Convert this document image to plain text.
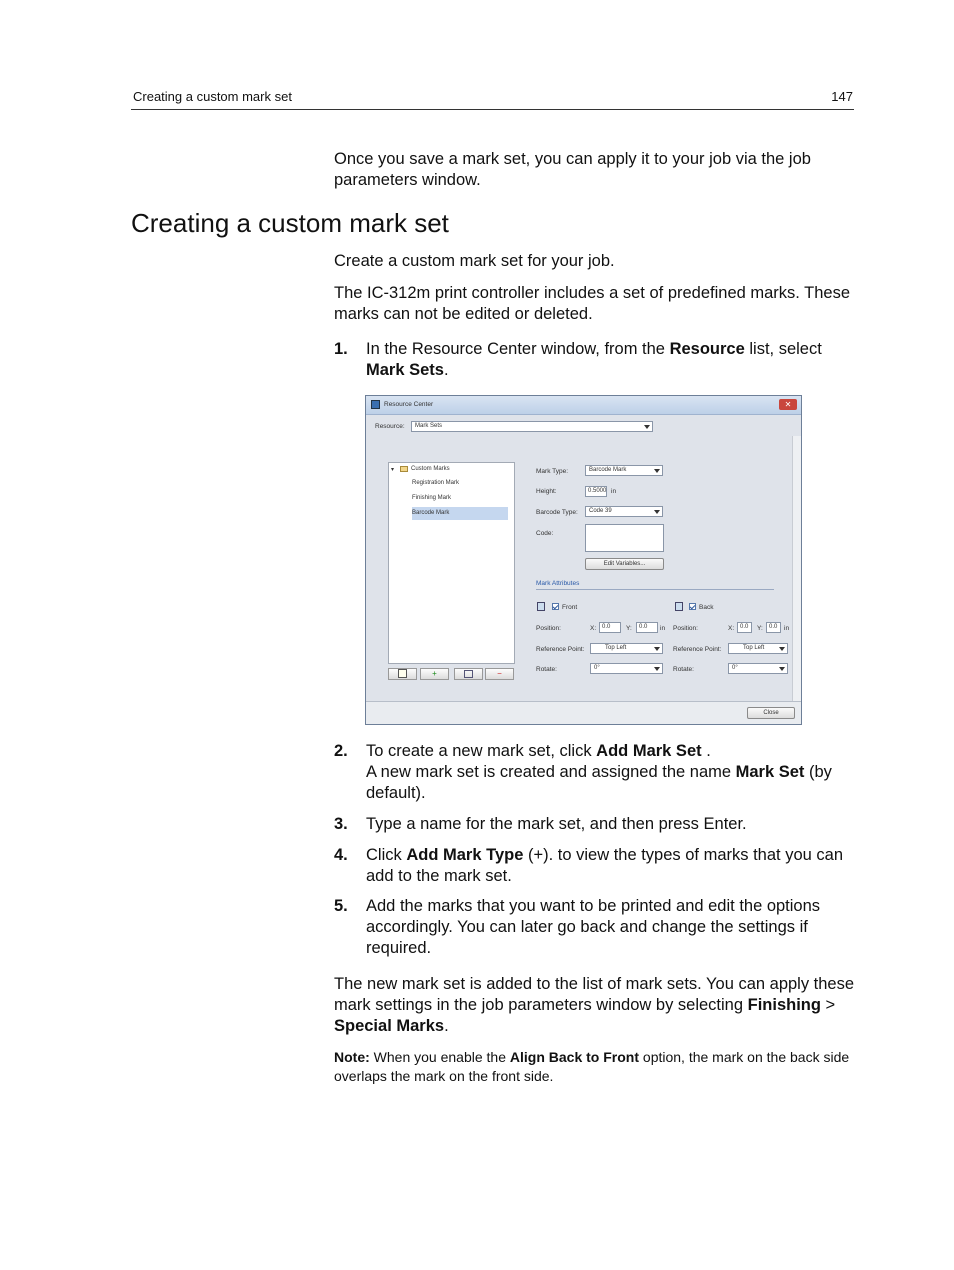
Creating a custom mark set	147
Once you save a mark set, you can apply it to your job via the job parameters window.
Creating a custom mark set
Create a custom mark set for your job.
The IC-312m print controller includes a set of predefined marks. These marks can not be edited or deleted.
1. In the Resource Center window, from the Resource list, select Mark Sets.
Resource Center	✕
Resource: Mark Sets
▾	Custom Marks
Registration Mark
Finishing Mark
Barcode Mark
+	−
Mark Type:	Barcode Mark
Height:	0.5000 in
Barcode Type: Code 39
Code:
Edit Variables...
Mark Attributes
Front
Position:	X: 0.0	Y:	0.0	in
Reference Point:	Top Left
Rotate:	0°
Back
Position:	X: 0.0	Y:	0.0	in
Reference Point:	Top Left
Rotate:	0°
Close
2. To create a new mark set, click Add Mark Set .
A new mark set is created and assigned the name Mark Set (by default).
3. Type a name for the mark set, and then press Enter.
4. Click Add Mark Type (+). to view the types of marks that you can add to the mark set.
5. Add the marks that you want to be printed and edit the options accordingly. You can later go back and change the settings if required.
The new mark set is added to the list of mark sets. You can apply these mark settings in the job parameters window by selecting Finishing > Special Marks.
Note: When you enable the Align Back to Front option, the mark on the back side overlaps the mark on the front side.
